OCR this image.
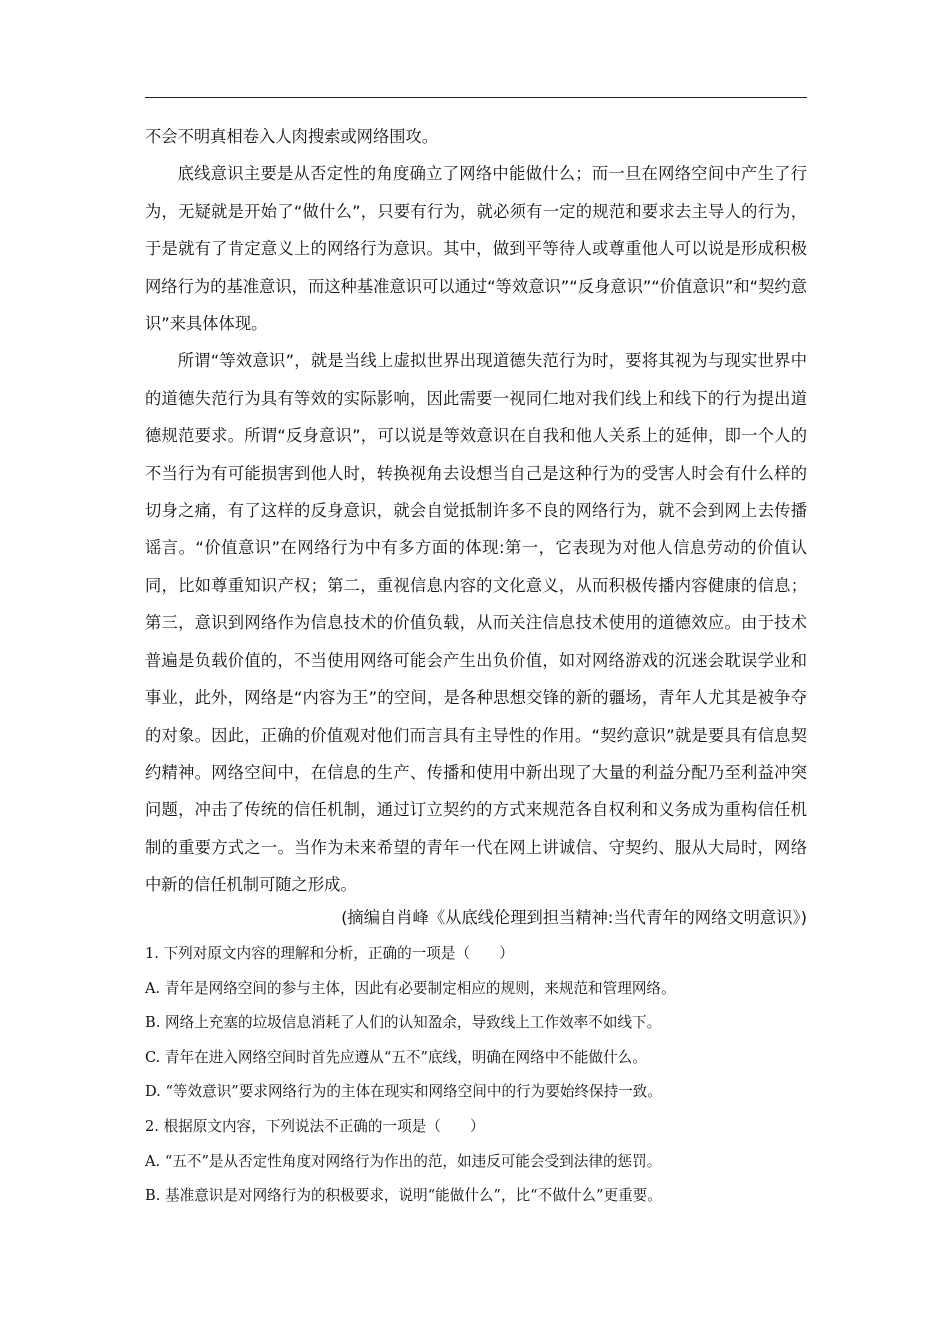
不会不明真相卷入人肉搜索或网络围攻。

底线意识主要是从否定性的角度确立了网络中能做什么；而一旦在网络空间中产生了行为，无疑就是开始了“做什么”，只要有行为，就必须有一定的规范和要求去主导人的行为，于是就有了肯定意义上的网络行为意识。其中，做到平等待人或尊重他人可以说是形成积极网络行为的基准意识，而这种基准意识可以通过“等效意识”“反身意识”“价值意识”和“契约意识”来具体体现。

所谓“等效意识”，就是当线上虚拟世界出现道德失范行为时，要将其视为与现实世界中的道德失范行为具有等效的实际影响，因此需要一视同仁地对我们线上和线下的行为提出道德规范要求。所谓“反身意识”，可以说是等效意识在自我和他人关系上的延伸，即一个人的不当行为有可能损害到他人时，转换视角去设想当自己是这种行为的受害人时会有什么样的切身之痛，有了这样的反身意识，就会自觉抵制许多不良的网络行为，就不会到网上去传播谣言。“价值意识”在网络行为中有多方面的体现:第一，它表现为对他人信息劳动的价值认同，比如尊重知识产权；第二，重视信息内容的文化意义，从而积极传播内容健康的信息；第三，意识到网络作为信息技术的价值负载，从而关注信息技术使用的道德效应。由于技术普遍是负载价值的，不当使用网络可能会产生出负价值，如对网络游戏的沉迷会耽误学业和事业，此外，网络是“内容为王”的空间，是各种思想交锋的新的疆场，青年人尤其是被争夺的对象。因此，正确的价值观对他们而言具有主导性的作用。“契约意识”就是要具有信息契约精神。网络空间中，在信息的生产、传播和使用中新出现了大量的利益分配乃至利益冲突问题，冲击了传统的信任机制，通过订立契约的方式来规范各自权利和义务成为重构信任机制的重要方式之一。当作为未来希望的青年一代在网上讲诚信、守契约、服从大局时，网络中新的信任机制可随之形成。

(摘编自肖峰《从底线伦理到担当精神:当代青年的网络文明意识》)
1. 下列对原文内容的理解和分析，正确的一项是（　　）
A. 青年是网络空间的参与主体，因此有必要制定相应的规则，来规范和管理网络。
B. 网络上充塞的垃圾信息消耗了人们的认知盈余，导致线上工作效率不如线下。
C. 青年在进入网络空间时首先应遵从“五不”底线，明确在网络中不能做什么。
D. “等效意识”要求网络行为的主体在现实和网络空间中的行为要始终保持一致。
2. 根据原文内容，下列说法不正确的一项是（　　）
A. “五不”是从否定性角度对网络行为作出的范，如违反可能会受到法律的惩罚。
B. 基准意识是对网络行为的积极要求，说明“能做什么”，比“不做什么”更重要。
